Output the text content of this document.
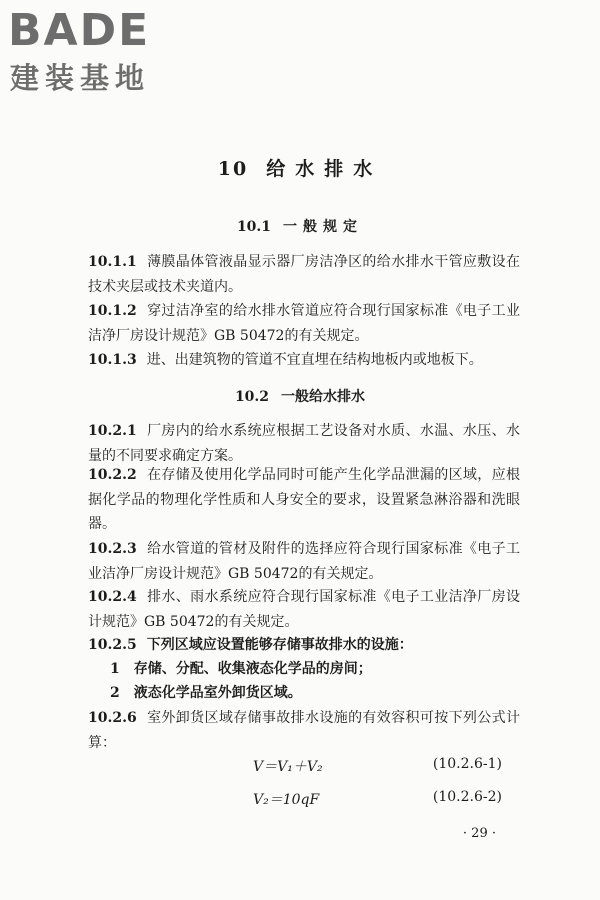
BADE
建装基地
10 给水排水
10.1 一般规定
10.1.1 薄膜晶体管液晶显示器厂房洁净区的给水排水干管应敷设在技术夹层或技术夹道内。
10.1.2 穿过洁净室的给水排水管道应符合现行国家标准《电子工业洁净厂房设计规范》GB 50472的有关规定。
10.1.3 进、出建筑物的管道不宜直埋在结构地板内或地板下。
10.2 一般给水排水
10.2.1 厂房内的给水系统应根据工艺设备对水质、水温、水压、水量的不同要求确定方案。
10.2.2 在存储及使用化学品同时可能产生化学品泄漏的区域，应根据化学品的物理化学性质和人身安全的要求，设置紧急淋浴器和洗眼器。
10.2.3 给水管道的管材及附件的选择应符合现行国家标准《电子工业洁净厂房设计规范》GB 50472的有关规定。
10.2.4 排水、雨水系统应符合现行国家标准《电子工业洁净厂房设计规范》GB 50472的有关规定。
10.2.5 下列区域应设置能够存储事故排水的设施：
1 存储、分配、收集液态化学品的房间；
2 液态化学品室外卸货区域。
10.2.6 室外卸货区域存储事故排水设施的有效容积可按下列公式计算：
V＝V₁＋V₂	(10.2.6-1)
V₂＝10qF	(10.2.6-2)
· 29 ·
